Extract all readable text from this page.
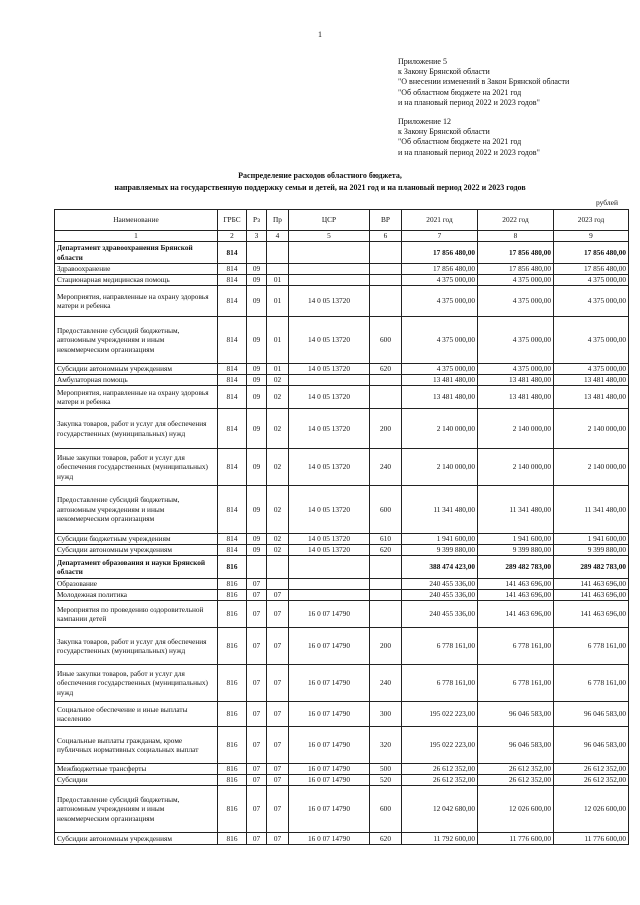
1
Приложение 5
к Закону Брянской области
"О внесении изменений в Закон Брянской области
"Об областном бюджете на 2021 год
и на плановый период 2022 и 2023 годов"
Приложение 12
к Закону Брянской области
"Об областном бюджете на 2021 год
и на плановый период 2022 и 2023 годов"
Распределение расходов областного бюджета,
направляемых на государственную поддержку семьи и детей, на 2021 год и на плановый период 2022 и 2023 годов
рублей
Наименование	ГРБС	Рз	Пр	ЦСР	ВР	2021 год	2022 год	2023 год
1	2	3	4	5	6	7	8	9
Департамент здравоохранения Брянской области	814					17 856 480,00	17 856 480,00	17 856 480,00
Здравоохранение	814	09				17 856 480,00	17 856 480,00	17 856 480,00
Стационарная медицинская помощь	814	09	01			4 375 000,00	4 375 000,00	4 375 000,00
Мероприятия, направленные на охрану здоровья матери и ребенка	814	09	01	14 0 05 13720		4 375 000,00	4 375 000,00	4 375 000,00
Предоставление субсидий бюджетным, автономным учреждениям и иным некоммерческим организациям	814	09	01	14 0 05 13720	600	4 375 000,00	4 375 000,00	4 375 000,00
Субсидии автономным учреждениям	814	09	01	14 0 05 13720	620	4 375 000,00	4 375 000,00	4 375 000,00
Амбулаторная помощь	814	09	02			13 481 480,00	13 481 480,00	13 481 480,00
Мероприятия, направленные на охрану здоровья матери и ребенка	814	09	02	14 0 05 13720		13 481 480,00	13 481 480,00	13 481 480,00
Закупка товаров, работ и услуг для обеспечения государственных (муниципальных) нужд	814	09	02	14 0 05 13720	200	2 140 000,00	2 140 000,00	2 140 000,00
Иные закупки товаров, работ и услуг для обеспечения государственных (муниципальных) нужд	814	09	02	14 0 05 13720	240	2 140 000,00	2 140 000,00	2 140 000,00
Предоставление субсидий бюджетным, автономным учреждениям и иным некоммерческим организациям	814	09	02	14 0 05 13720	600	11 341 480,00	11 341 480,00	11 341 480,00
Субсидии бюджетным учреждениям	814	09	02	14 0 05 13720	610	1 941 600,00	1 941 600,00	1 941 600,00
Субсидии автономным учреждениям	814	09	02	14 0 05 13720	620	9 399 880,00	9 399 880,00	9 399 880,00
Департамент образования и науки Брянской области	816					388 474 423,00	289 482 783,00	289 482 783,00
Образование	816	07				240 455 336,00	141 463 696,00	141 463 696,00
Молодежная политика	816	07	07			240 455 336,00	141 463 696,00	141 463 696,00
Мероприятия по проведению оздоровительной кампании детей	816	07	07	16 0 07 14790		240 455 336,00	141 463 696,00	141 463 696,00
Закупка товаров, работ и услуг для обеспечения государственных (муниципальных) нужд	816	07	07	16 0 07 14790	200	6 778 161,00	6 778 161,00	6 778 161,00
Иные закупки товаров, работ и услуг для обеспечения государственных (муниципальных) нужд	816	07	07	16 0 07 14790	240	6 778 161,00	6 778 161,00	6 778 161,00
Социальное обеспечение и иные выплаты населению	816	07	07	16 0 07 14790	300	195 022 223,00	96 046 583,00	96 046 583,00
Социальные выплаты гражданам, кроме публичных нормативных социальных выплат	816	07	07	16 0 07 14790	320	195 022 223,00	96 046 583,00	96 046 583,00
Межбюджетные трансферты	816	07	07	16 0 07 14790	500	26 612 352,00	26 612 352,00	26 612 352,00
Субсидии	816	07	07	16 0 07 14790	520	26 612 352,00	26 612 352,00	26 612 352,00
Предоставление субсидий бюджетным, автономным учреждениям и иным некоммерческим организациям	816	07	07	16 0 07 14790	600	12 042 680,00	12 026 600,00	12 026 600,00
Субсидии автономным учреждениям	816	07	07	16 0 07 14790	620	11 792 600,00	11 776 600,00	11 776 600,00
